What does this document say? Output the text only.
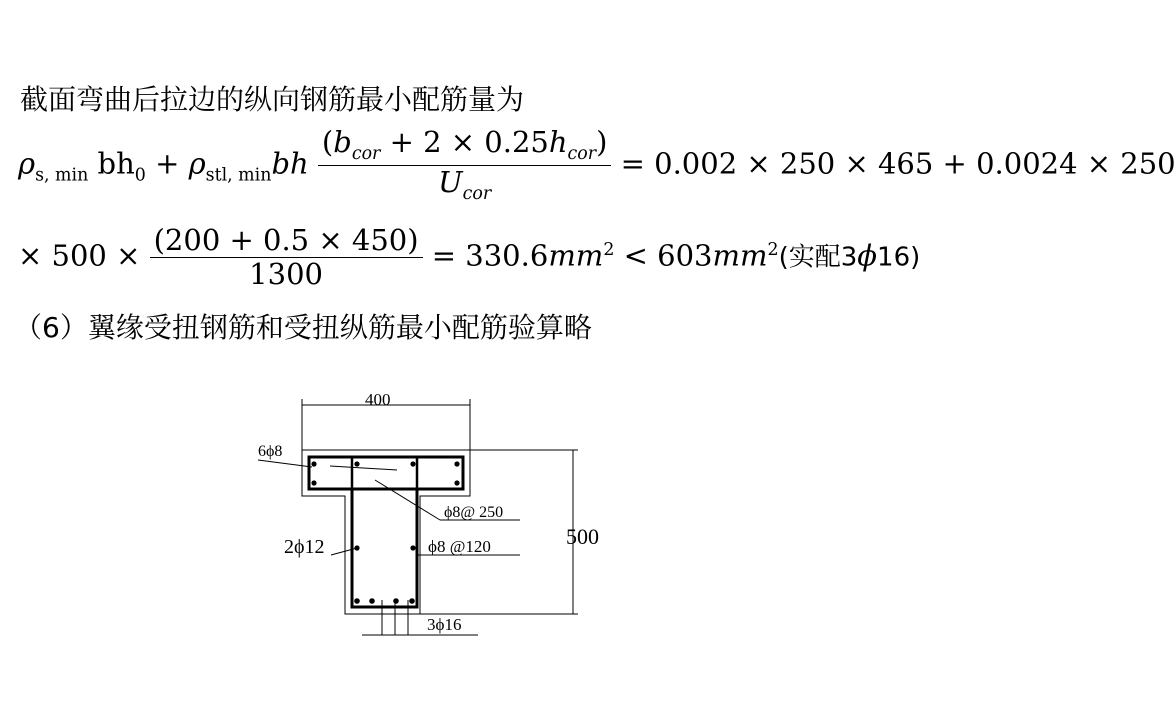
截面弯曲后拉边的纵向钢筋最小配筋量为
$\rho_{s, min}$ $bh_0 + \rho_{stl, min}bh \frac{(b_{cor} + 2 \times 0.25h_{cor})}{U_{cor}} = 0.002 \times 250 \times 465 + 0.0024 \times 250$
× $500 \times \frac{(200 + 0.5 \times 450)}{1300} = 330.6mm^2 < 603mm^2$(实配3ϕ16)
（6）翼缘受扭钢筋和受扭纵筋最小配筋验算略
400
500
6ϕ8
ϕ8@ 250
2ϕ12	ϕ8 @120
3ϕ16
